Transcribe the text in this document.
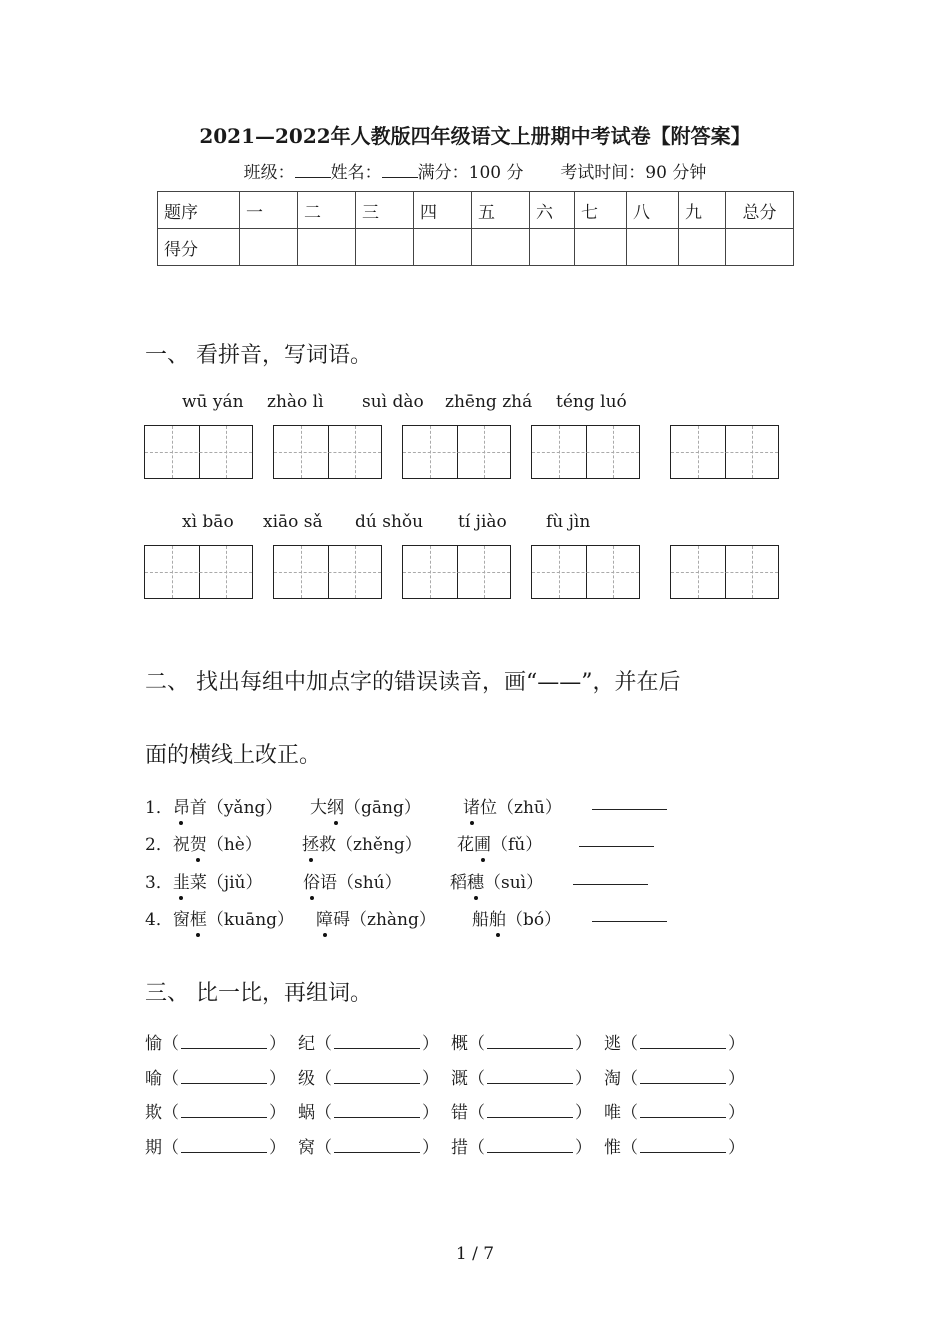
2021—2022年人教版四年级语文上册期中考试卷【附答案】
班级： 姓名： 满分：100 分 考试时间：90 分钟
题序	一	二	三	四	五	六	七	八	九	总分
得分										
一、 看拼音，写词语。
wū yán zhào lì suì dào zhēng zhá téng luó
xì bāo xiāo sǎ dú shǒu tí jiào fù jìn
二、 找出每组中加点字的错误读音，画“——”，并在后
面的横线上改正。
1．昂首（yǎng） 大纲（gāng） 诸位（zhū）
2．祝贺（hè） 拯救（zhěng） 花圃（fǔ）
3．韭菜（jiǔ） 俗语（shú）	稻穗（suì）
4．窗框（kuāng） 障碍（zhàng） 船舶（bó）
三、 比一比，再组词。
愉（	） 纪（	） 概（	） 逃（	）
喻（	） 级（	） 溉（	） 淘（	）
欺（	） 蜗（	） 错（	） 唯（	）
期（	） 窝（	） 措（	） 惟（	）
1 / 7
